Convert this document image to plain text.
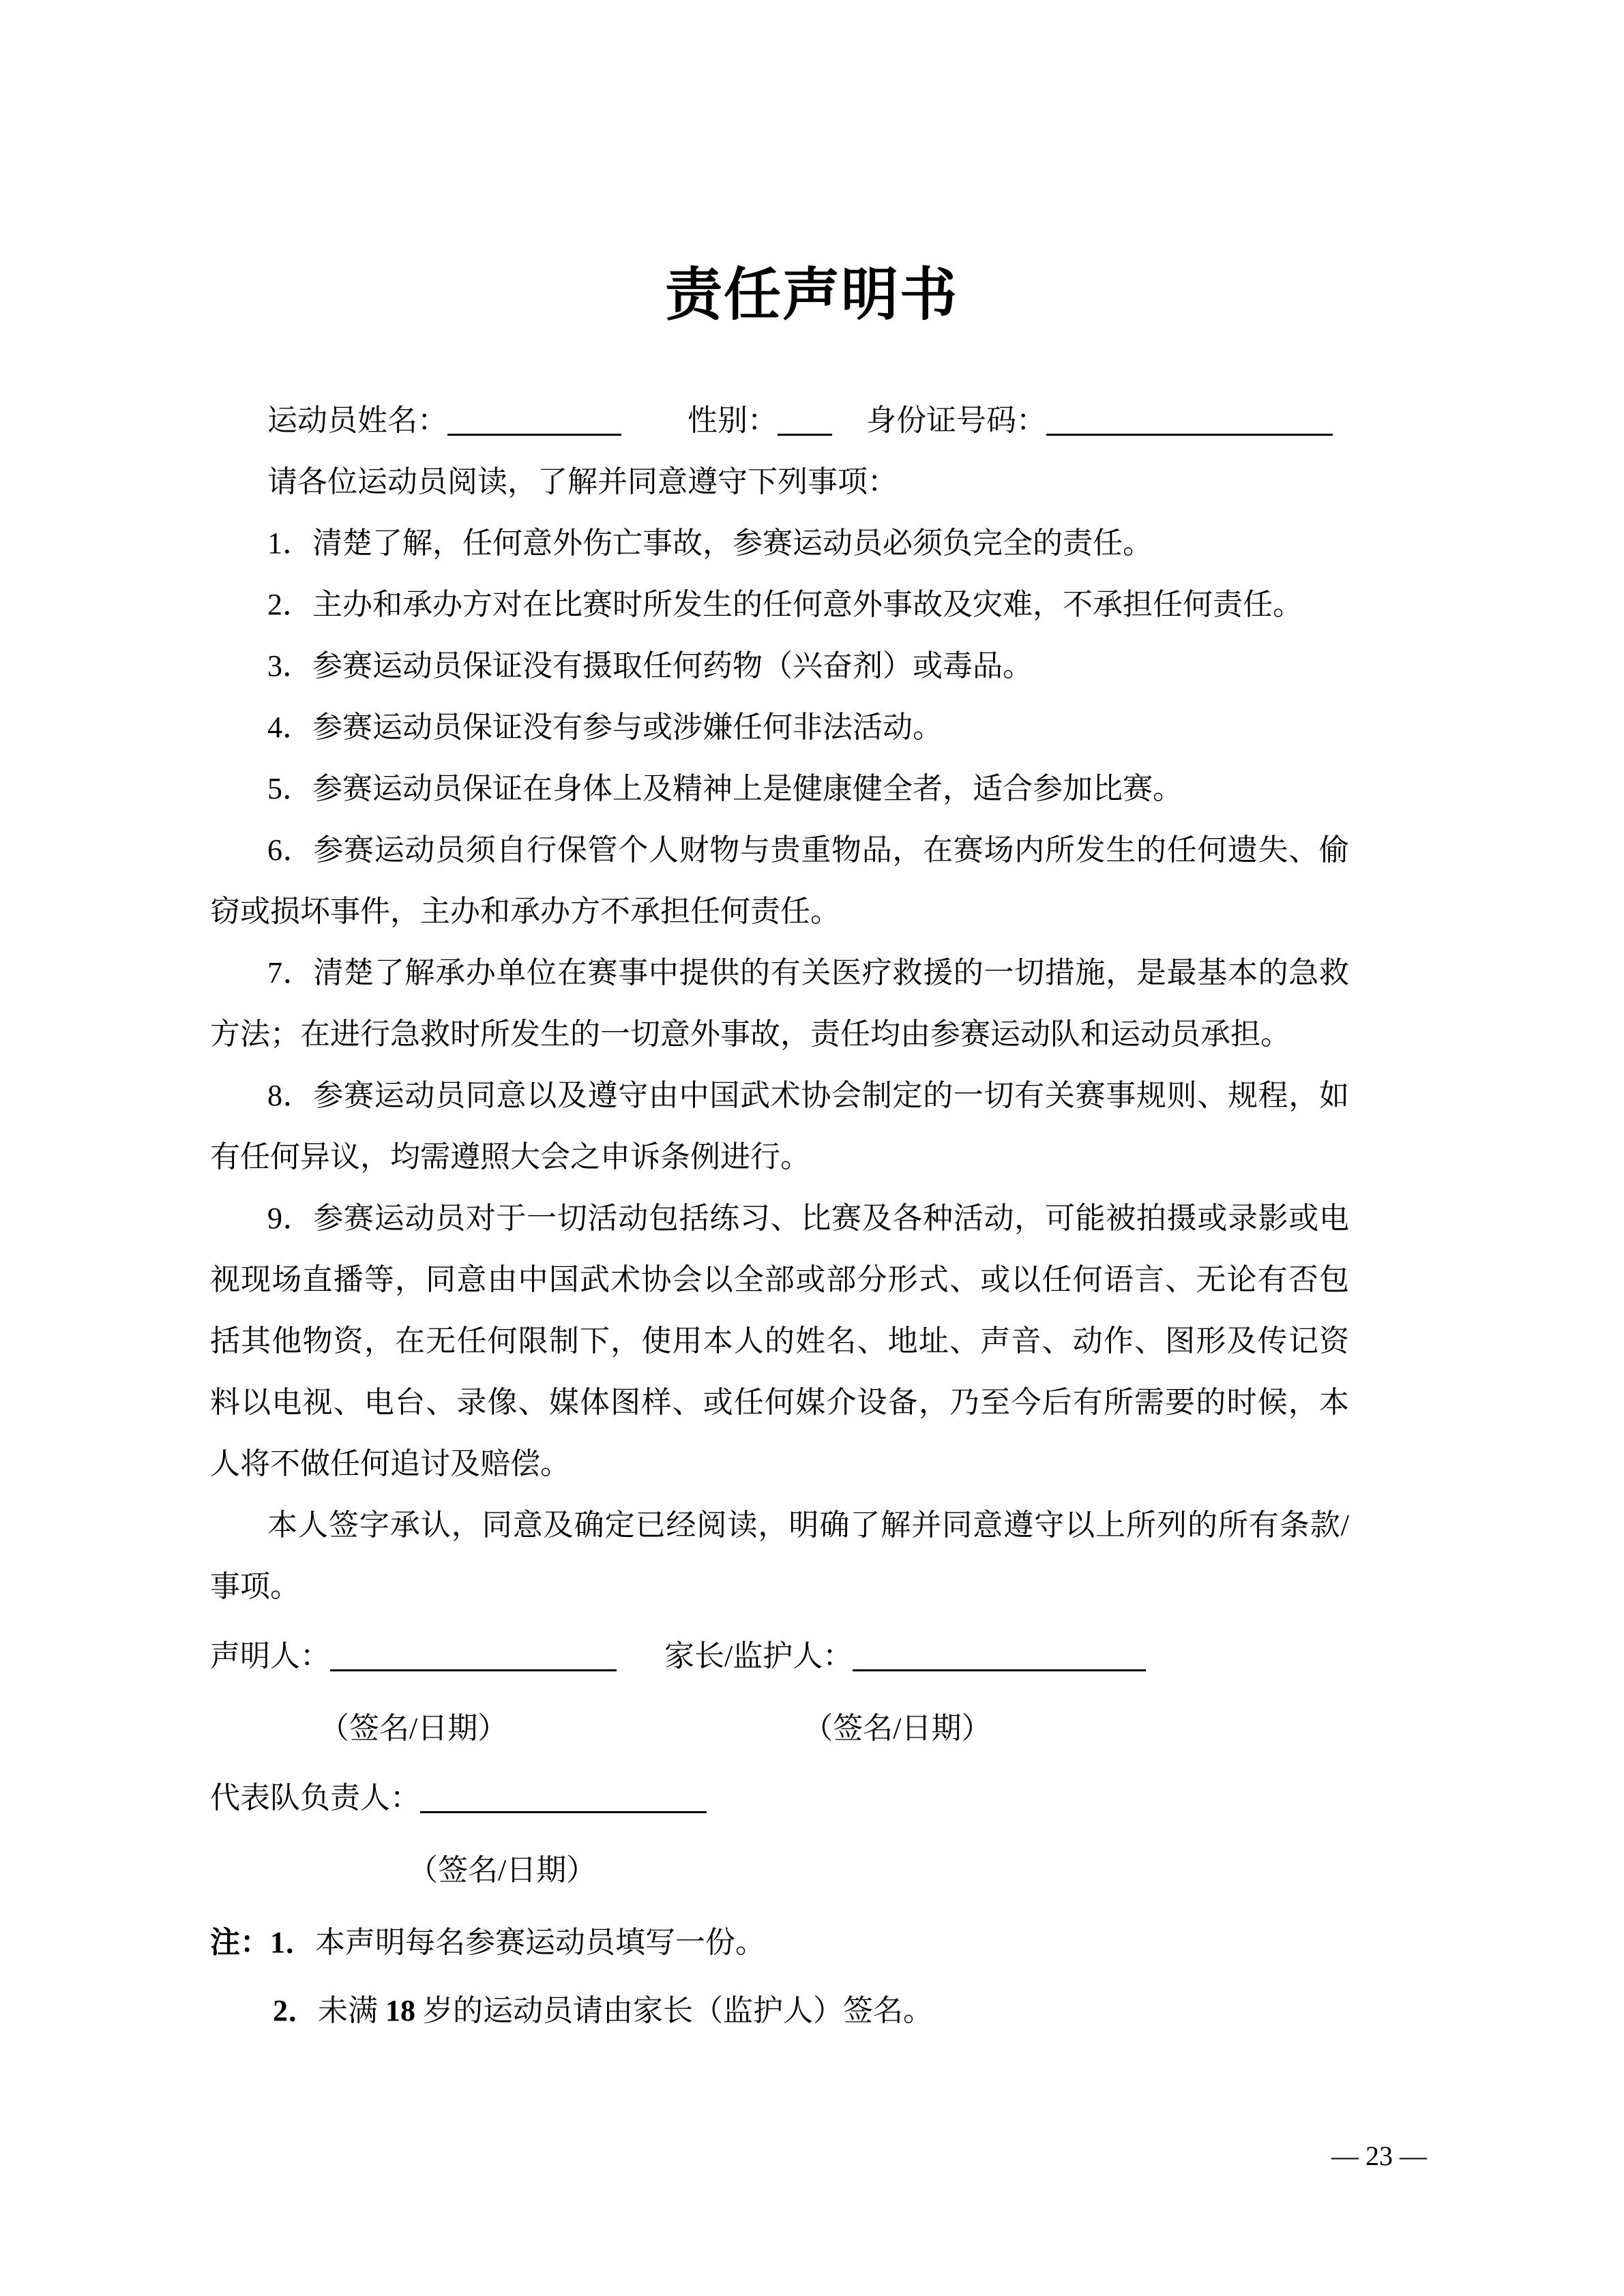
责任声明书

运动员姓名：	性别：	身份证号码：

请各位运动员阅读，了解并同意遵守下列事项：

1．清楚了解，任何意外伤亡事故，参赛运动员必须负完全的责任。

2．主办和承办方对在比赛时所发生的任何意外事故及灾难，不承担任何责任。

3．参赛运动员保证没有摄取任何药物（兴奋剂）或毒品。

4．参赛运动员保证没有参与或涉嫌任何非法活动。

5．参赛运动员保证在身体上及精神上是健康健全者，适合参加比赛。

6．参赛运动员须自行保管个人财物与贵重物品，在赛场内所发生的任何遗失、偷窃或损坏事件，主办和承办方不承担任何责任。

7．清楚了解承办单位在赛事中提供的有关医疗救援的一切措施，是最基本的急救方法；在进行急救时所发生的一切意外事故，责任均由参赛运动队和运动员承担。

8．参赛运动员同意以及遵守由中国武术协会制定的一切有关赛事规则、规程，如有任何异议，均需遵照大会之申诉条例进行。

9．参赛运动员对于一切活动包括练习、比赛及各种活动，可能被拍摄或录影或电视现场直播等，同意由中国武术协会以全部或部分形式、或以任何语言、无论有否包括其他物资，在无任何限制下，使用本人的姓名、地址、声音、动作、图形及传记资料以电视、电台、录像、媒体图样、或任何媒介设备，乃至今后有所需要的时候，本人将不做任何追讨及赔偿。

本人签字承认，同意及确定已经阅读，明确了解并同意遵守以上所列的所有条款/事项。

声明人：	家长/监护人：

（签名/日期）	（签名/日期）

代表队负责人：

（签名/日期）

注：1．本声明每名参赛运动员填写一份。

2．未满 18 岁的运动员请由家长（监护人）签名。

— 23 —
